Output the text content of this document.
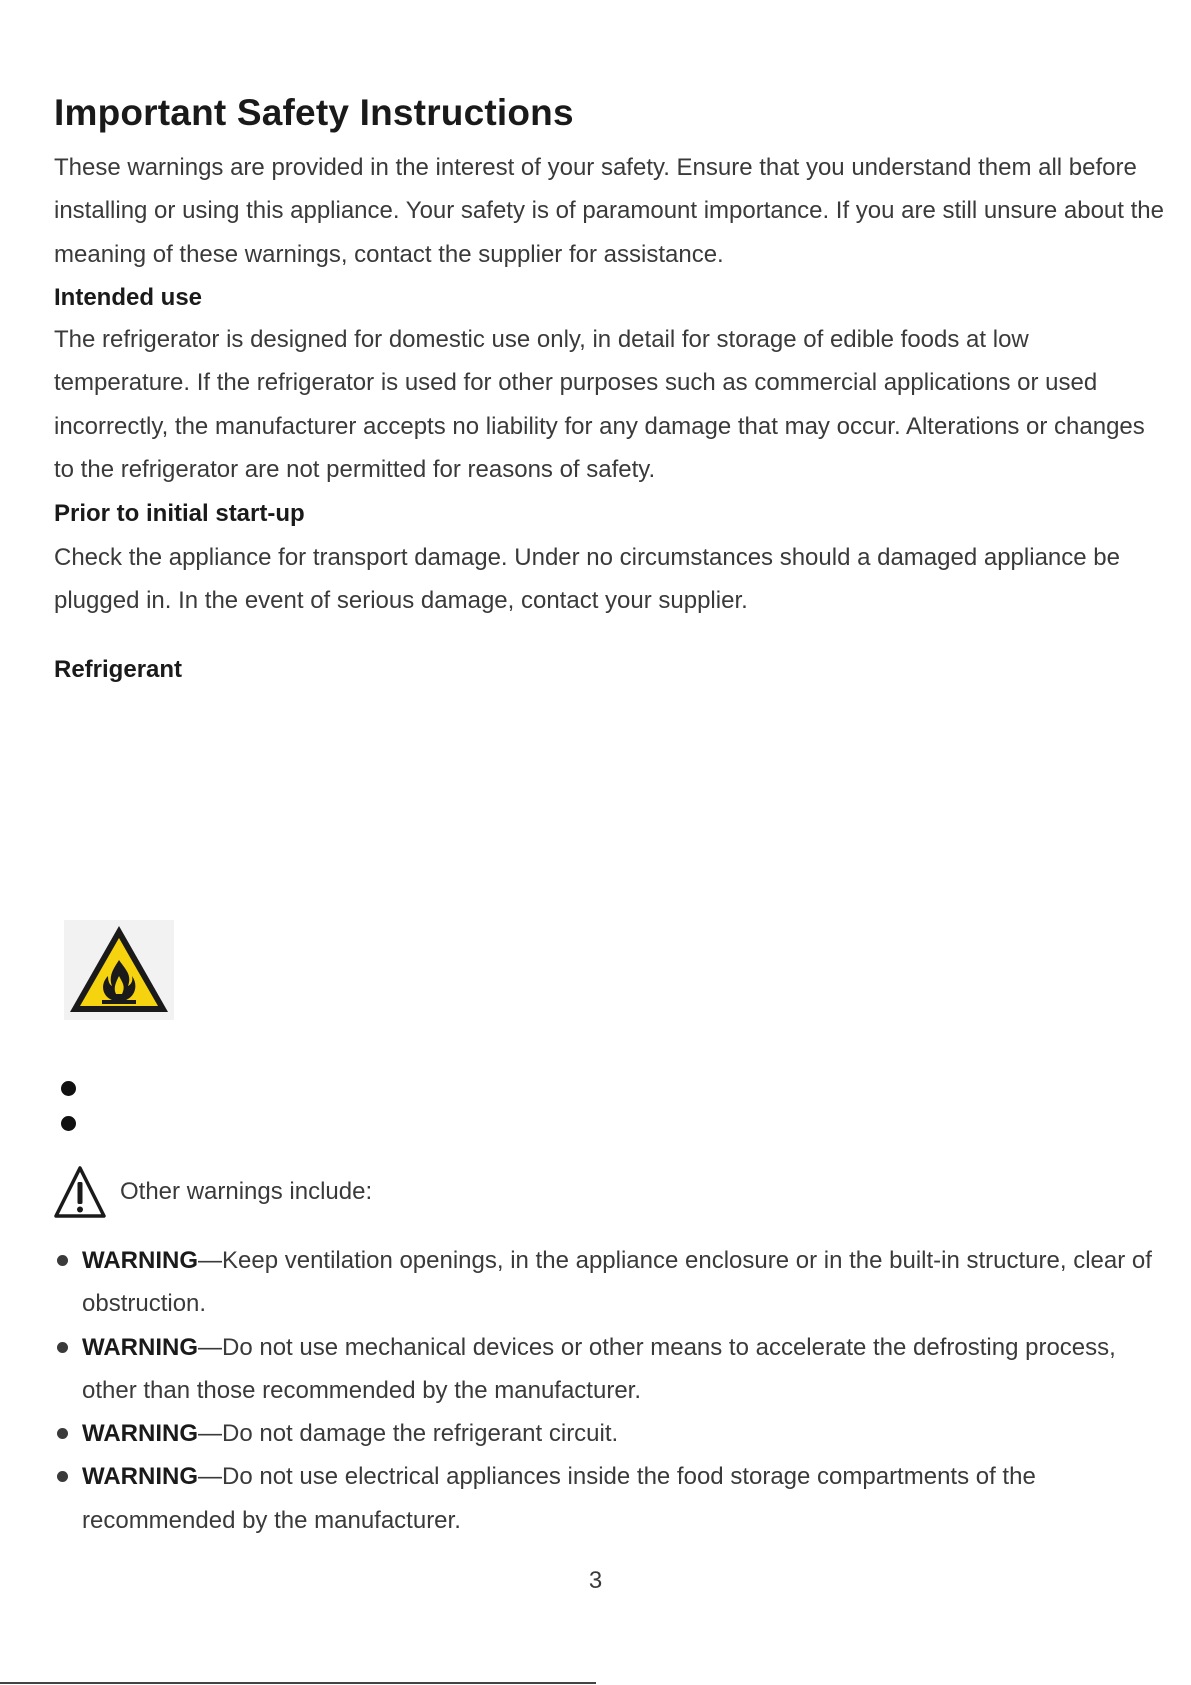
Important Safety Instructions

These warnings are provided in the interest of your safety. Ensure that you understand them all before installing or using this appliance. Your safety is of paramount importance. If you are still unsure about the meaning of these warnings, contact the supplier for assistance.

Intended use

The refrigerator is designed for domestic use only, in detail for storage of edible foods at low temperature. If the refrigerator is used for other purposes such as commercial applications or used incorrectly, the manufacturer accepts no liability for any damage that may occur. Alterations or changes to the refrigerator are not permitted for reasons of safety.

Prior to initial start-up

Check the appliance for transport damage. Under no circumstances should a damaged appliance be plugged in. In the event of serious damage, contact your supplier.

Refrigerant
Other warnings include:
WARNING—Keep ventilation openings, in the appliance enclosure or in the built-in structure, clear of obstruction.
WARNING—Do not use mechanical devices or other means to accelerate the defrosting process, other than those recommended by the manufacturer.
WARNING—Do not damage the refrigerant circuit.
WARNING—Do not use electrical appliances inside the food storage compartments of the recommended by the manufacturer.
3
